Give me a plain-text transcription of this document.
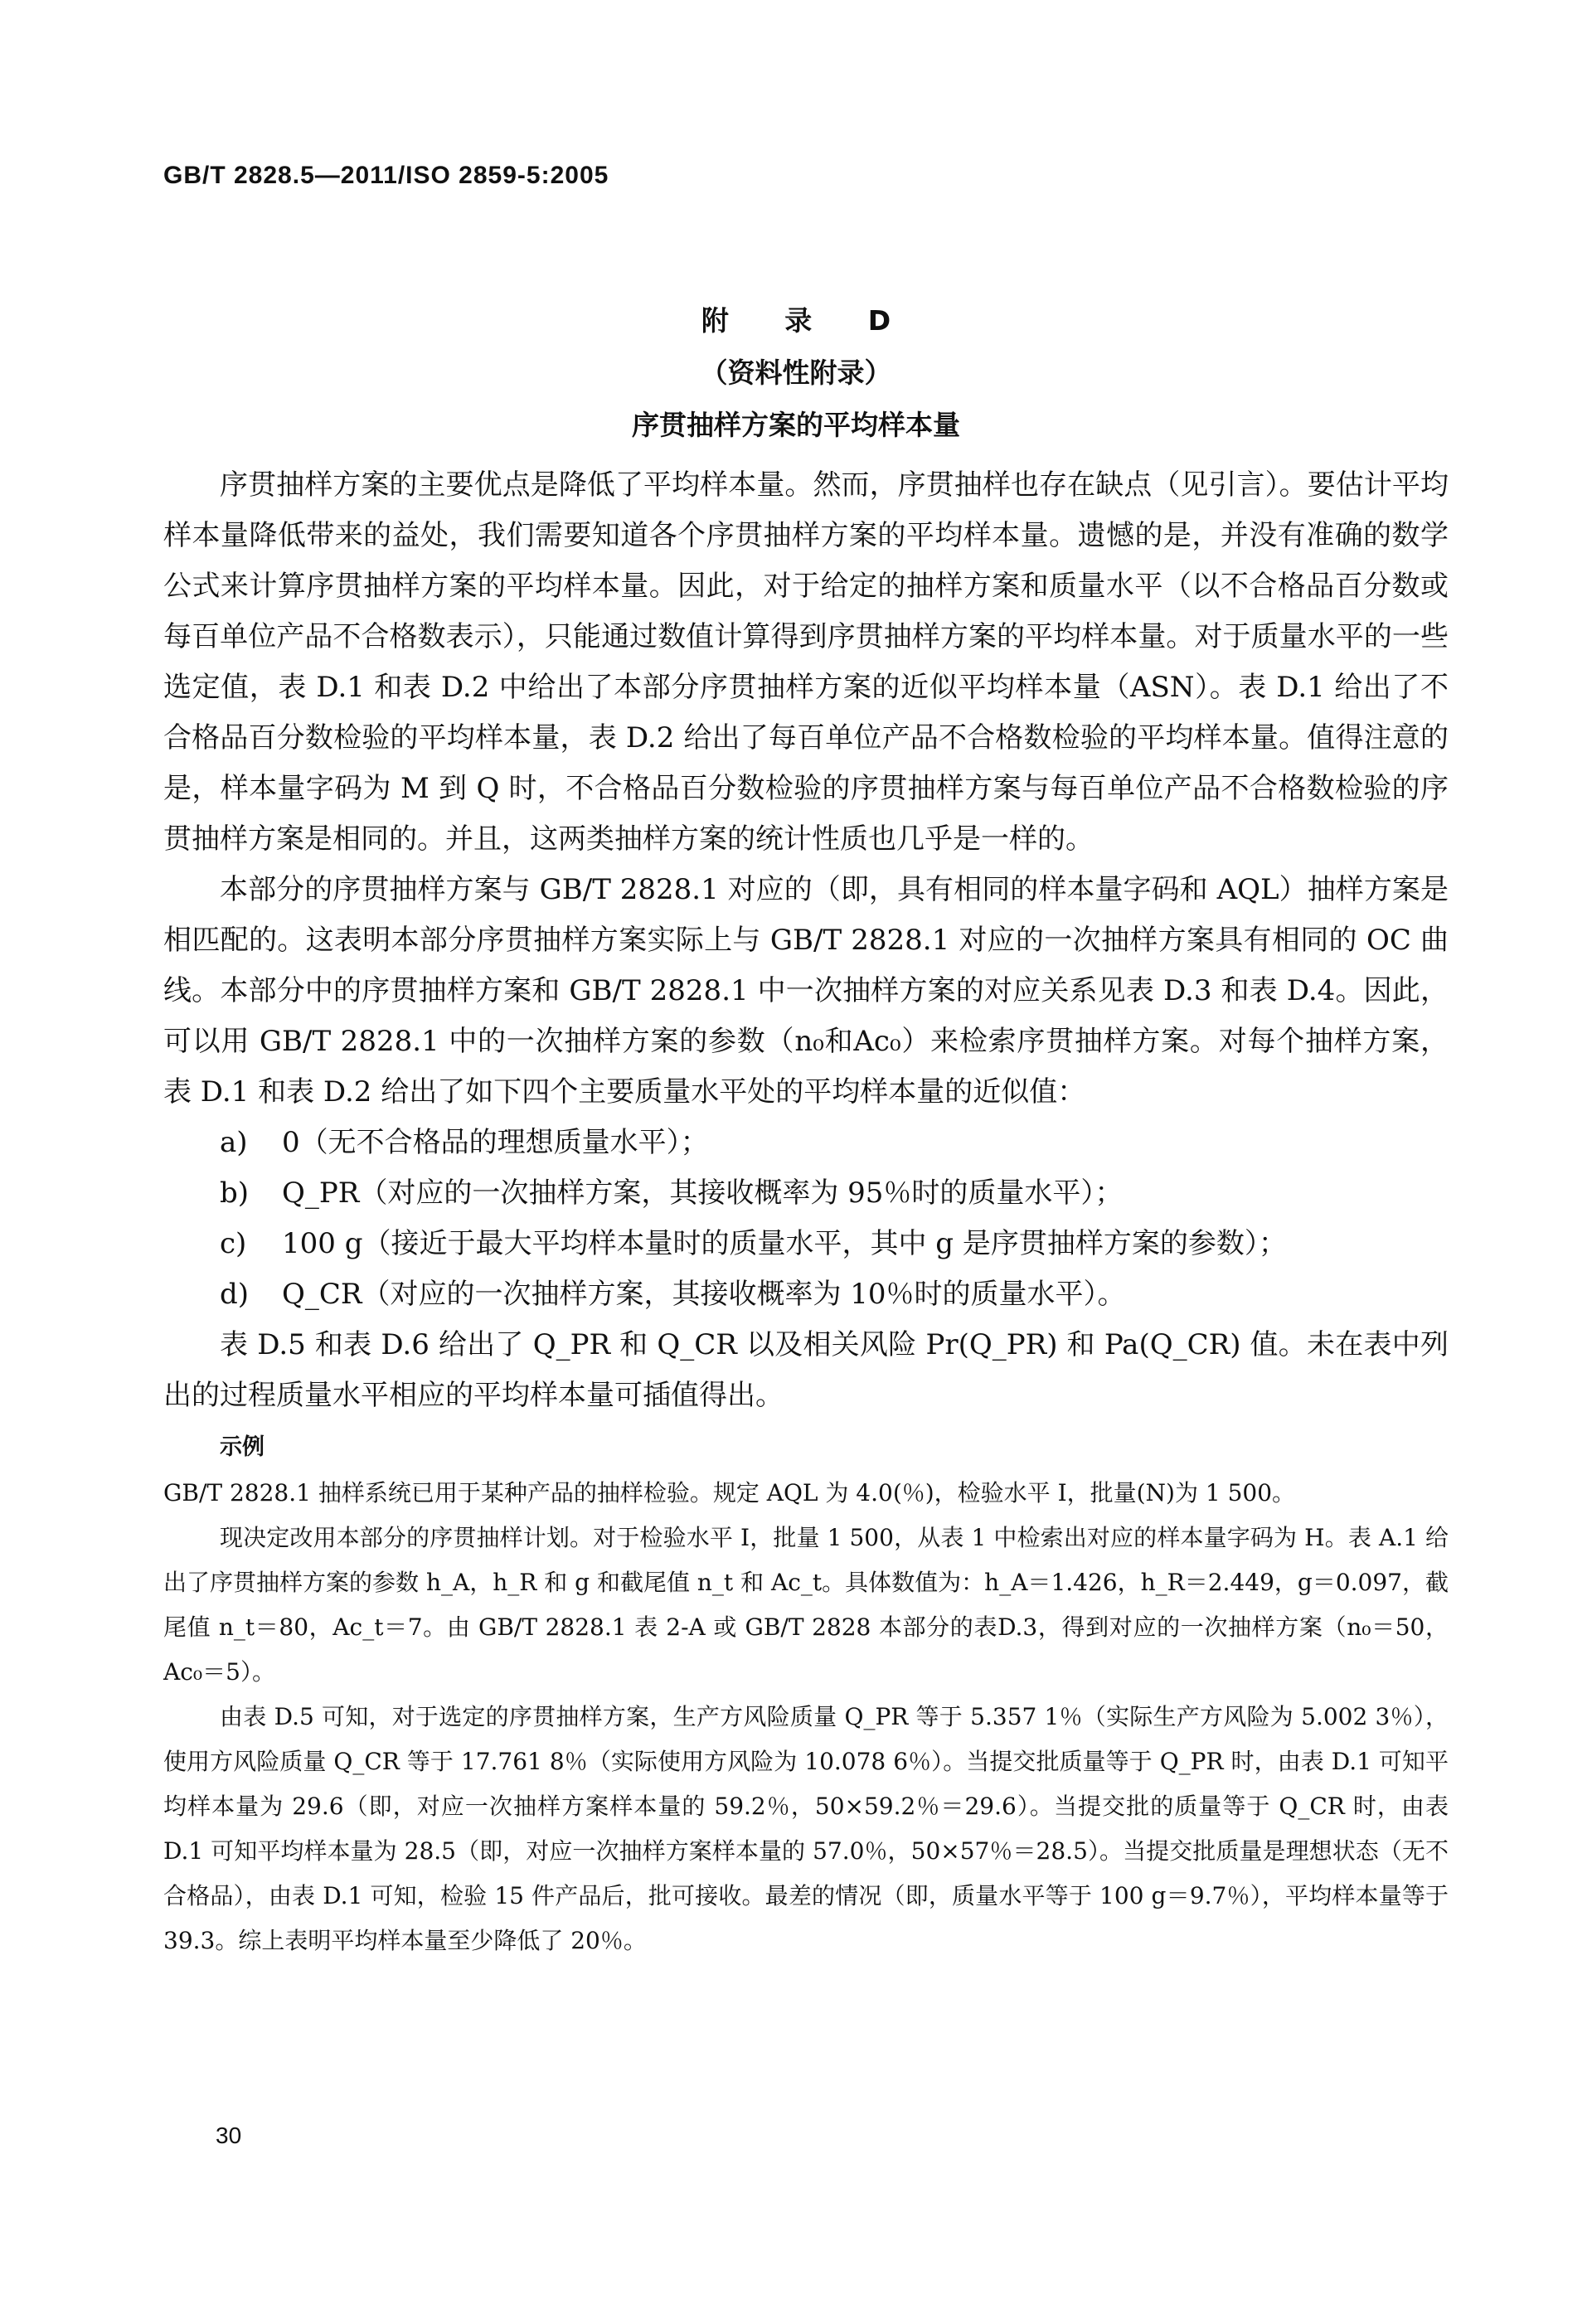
GB/T 2828.5—2011/ISO 2859-5:2005
附 录 D
（资料性附录）
序贯抽样方案的平均样本量

序贯抽样方案的主要优点是降低了平均样本量。然而，序贯抽样也存在缺点（见引言）。要估计平均样本量降低带来的益处，我们需要知道各个序贯抽样方案的平均样本量。遗憾的是，并没有准确的数学公式来计算序贯抽样方案的平均样本量。因此，对于给定的抽样方案和质量水平（以不合格品百分数或每百单位产品不合格数表示），只能通过数值计算得到序贯抽样方案的平均样本量。对于质量水平的一些选定值，表 D.1 和表 D.2 中给出了本部分序贯抽样方案的近似平均样本量（ASN）。表 D.1 给出了不合格品百分数检验的平均样本量，表 D.2 给出了每百单位产品不合格数检验的平均样本量。值得注意的是，样本量字码为 M 到 Q 时，不合格品百分数检验的序贯抽样方案与每百单位产品不合格数检验的序贯抽样方案是相同的。并且，这两类抽样方案的统计性质也几乎是一样的。

本部分的序贯抽样方案与 GB/T 2828.1 对应的（即，具有相同的样本量字码和 AQL）抽样方案是相匹配的。这表明本部分序贯抽样方案实际上与 GB/T 2828.1 对应的一次抽样方案具有相同的 OC 曲线。本部分中的序贯抽样方案和 GB/T 2828.1 中一次抽样方案的对应关系见表 D.3 和表 D.4。因此，可以用 GB/T 2828.1 中的一次抽样方案的参数（n₀和Ac₀）来检索序贯抽样方案。对每个抽样方案，表 D.1 和表 D.2 给出了如下四个主要质量水平处的平均样本量的近似值：

a) 0（无不合格品的理想质量水平）；

b) Q_PR（对应的一次抽样方案，其接收概率为 95％时的质量水平）；

c) 100 g（接近于最大平均样本量时的质量水平，其中 g 是序贯抽样方案的参数）；

d) Q_CR（对应的一次抽样方案，其接收概率为 10％时的质量水平）。

表 D.5 和表 D.6 给出了 Q_PR 和 Q_CR 以及相关风险 Pr(Q_PR) 和 Pa(Q_CR) 值。未在表中列出的过程质量水平相应的平均样本量可插值得出。

示例

GB/T 2828.1 抽样系统已用于某种产品的抽样检验。规定 AQL 为 4.0(％)，检验水平 I，批量(N)为 1 500。

现决定改用本部分的序贯抽样计划。对于检验水平 I，批量 1 500，从表 1 中检索出对应的样本量字码为 H。表 A.1 给出了序贯抽样方案的参数 h_A，h_R 和 g 和截尾值 n_t 和 Ac_t。具体数值为：h_A＝1.426，h_R＝2.449，g＝0.097，截尾值 n_t＝80，Ac_t＝7。由 GB/T 2828.1 表 2-A 或 GB/T 2828 本部分的表D.3，得到对应的一次抽样方案（n₀＝50，Ac₀＝5）。

由表 D.5 可知，对于选定的序贯抽样方案，生产方风险质量 Q_PR 等于 5.357 1％（实际生产方风险为 5.002 3％），使用方风险质量 Q_CR 等于 17.761 8％（实际使用方风险为 10.078 6％）。当提交批质量等于 Q_PR 时，由表 D.1 可知平均样本量为 29.6（即，对应一次抽样方案样本量的 59.2％，50×59.2％＝29.6）。当提交批的质量等于 Q_CR 时，由表 D.1 可知平均样本量为 28.5（即，对应一次抽样方案样本量的 57.0％，50×57％＝28.5）。当提交批质量是理想状态（无不合格品），由表 D.1 可知，检验 15 件产品后，批可接收。最差的情况（即，质量水平等于 100 g＝9.7％），平均样本量等于 39.3。综上表明平均样本量至少降低了 20％。

30
